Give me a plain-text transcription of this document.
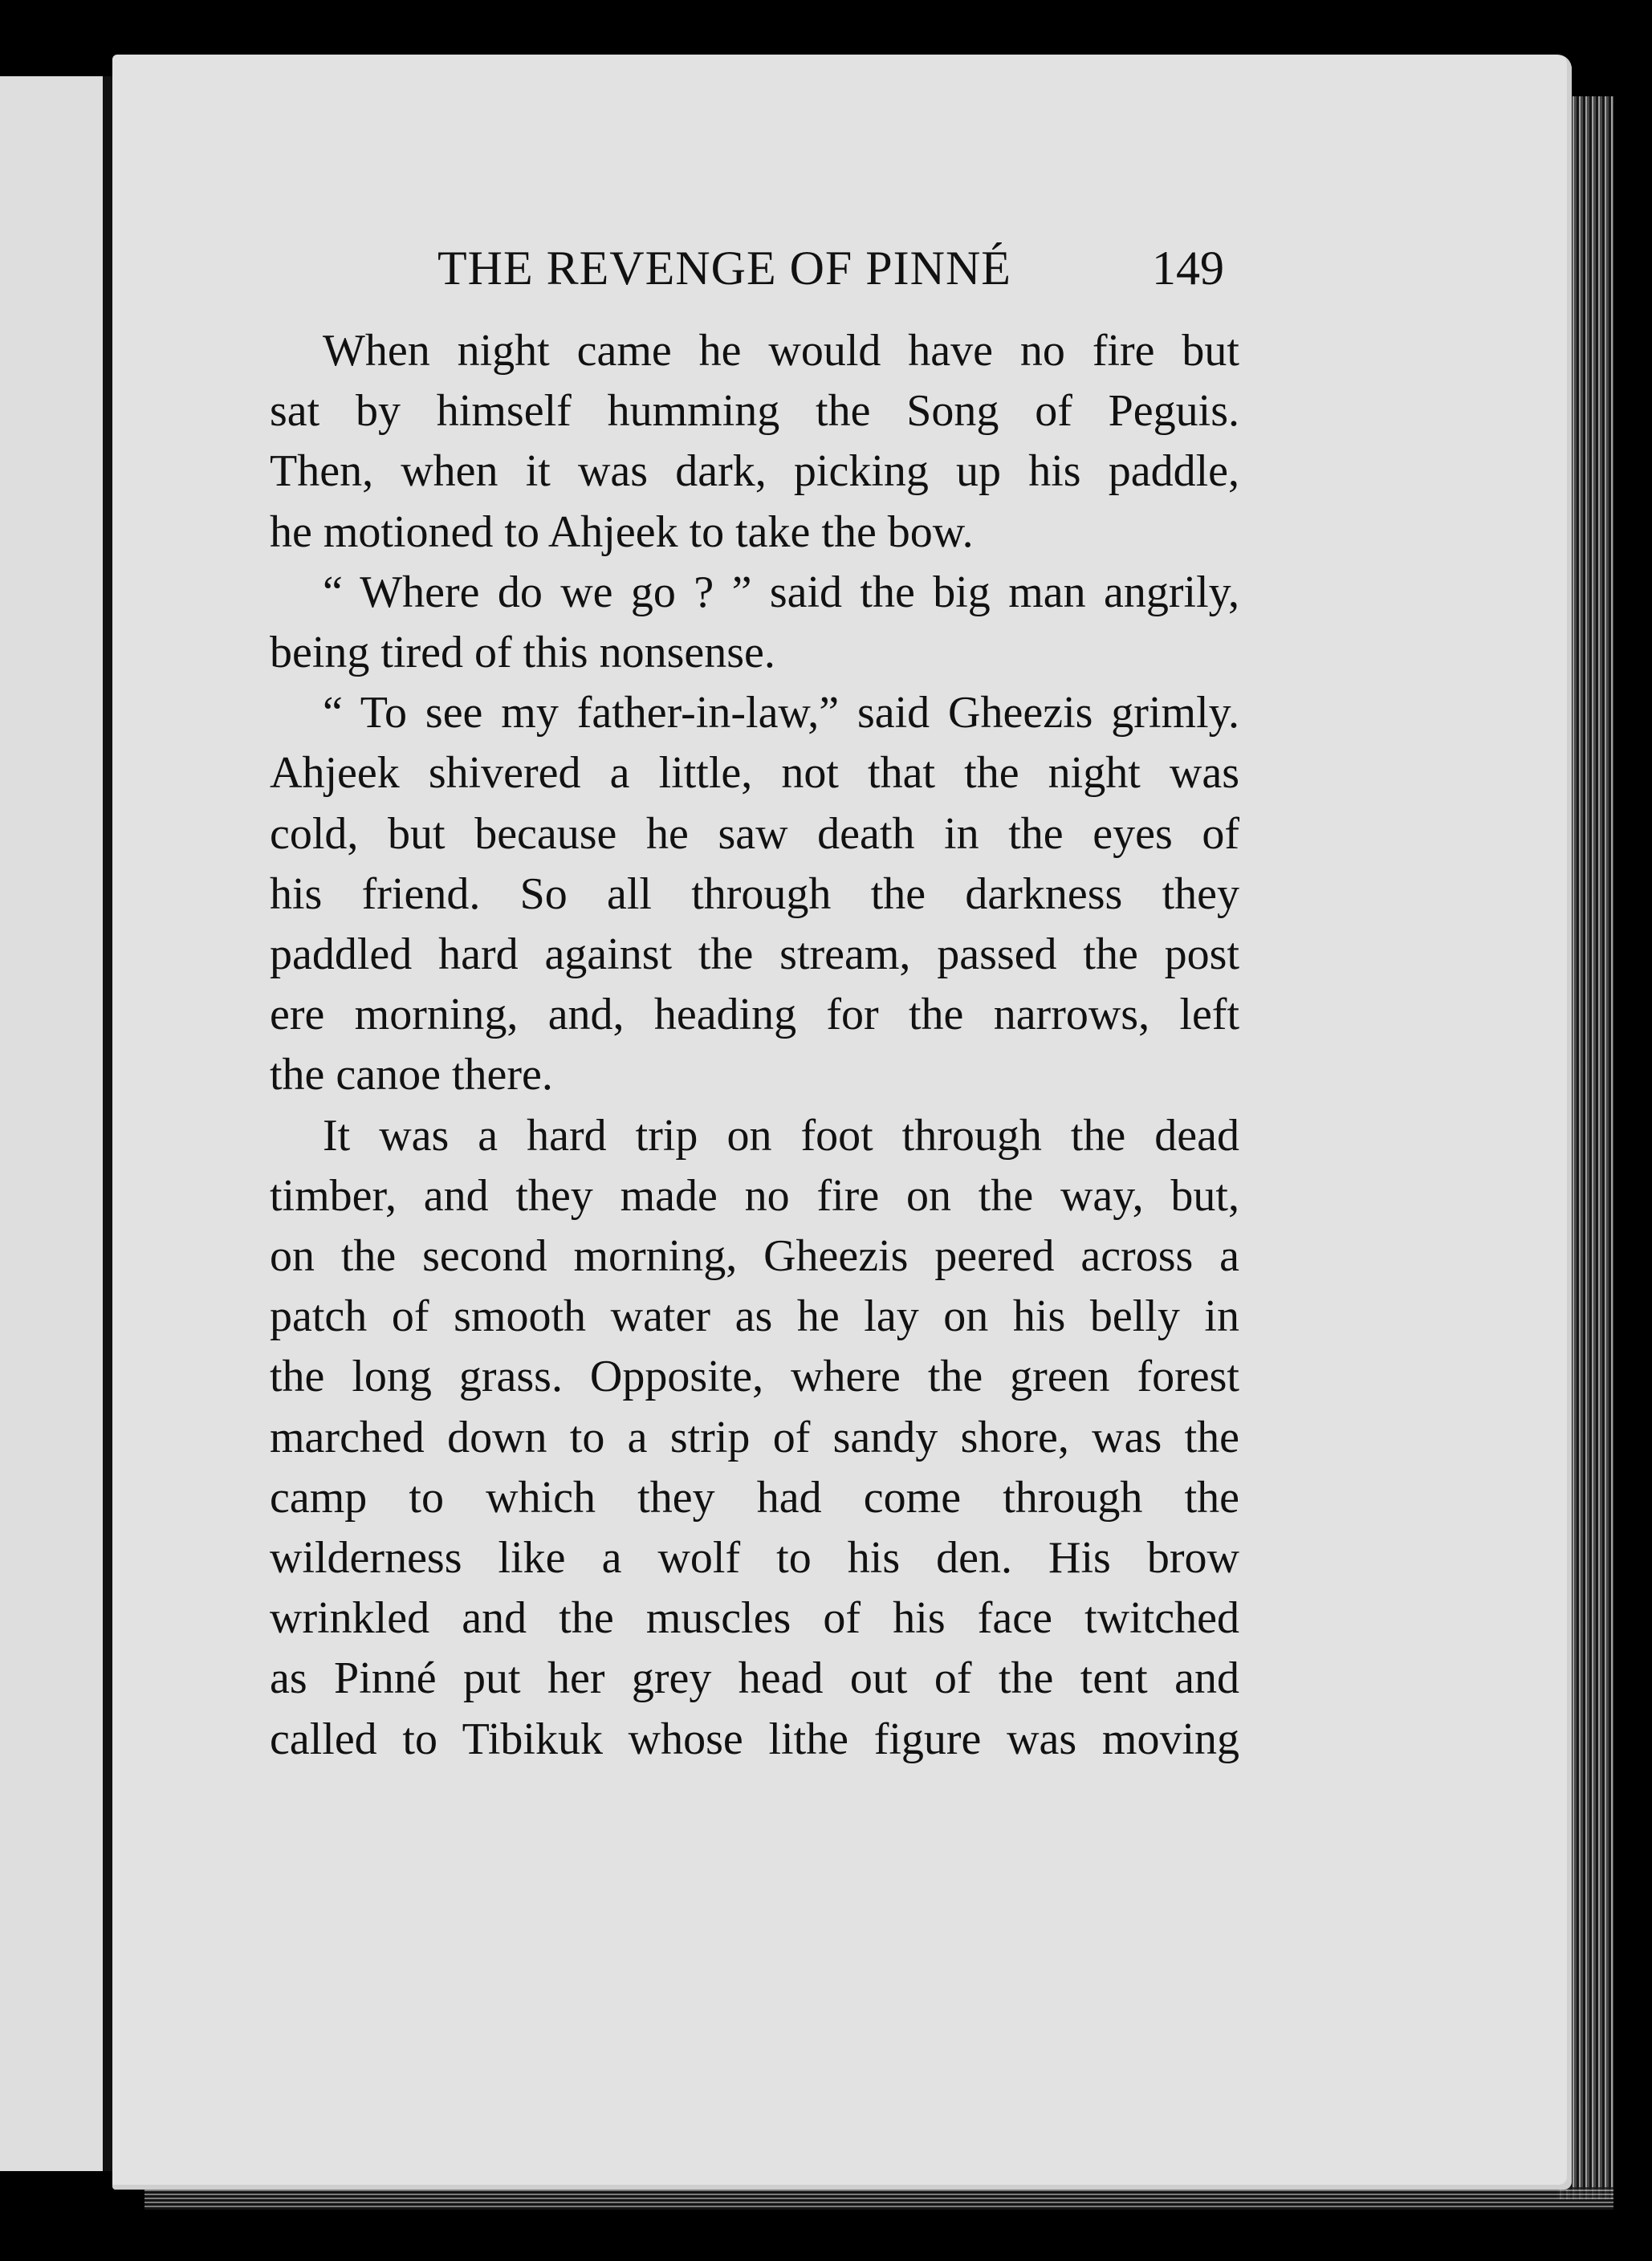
THE REVENGE OF PINNÉ	149
When night came he would have no fire but
sat by himself humming the Song of Peguis.
Then, when it was dark, picking up his paddle,
he motioned to Ahjeek to take the bow.
“ Where do we go ? ” said the big man angrily,
being tired of this nonsense.
“ To see my father-in-law,” said Gheezis grimly.
Ahjeek shivered a little, not that the night was
cold, but because he saw death in the eyes of
his friend. So all through the darkness they
paddled hard against the stream, passed the post
ere morning, and, heading for the narrows, left
the canoe there.
It was a hard trip on foot through the dead
timber, and they made no fire on the way, but,
on the second morning, Gheezis peered across a
patch of smooth water as he lay on his belly in
the long grass. Opposite, where the green forest
marched down to a strip of sandy shore, was the
camp to which they had come through the
wilderness like a wolf to his den. His brow
wrinkled and the muscles of his face twitched
as Pinné put her grey head out of the tent and
called to Tibikuk whose lithe figure was moving
